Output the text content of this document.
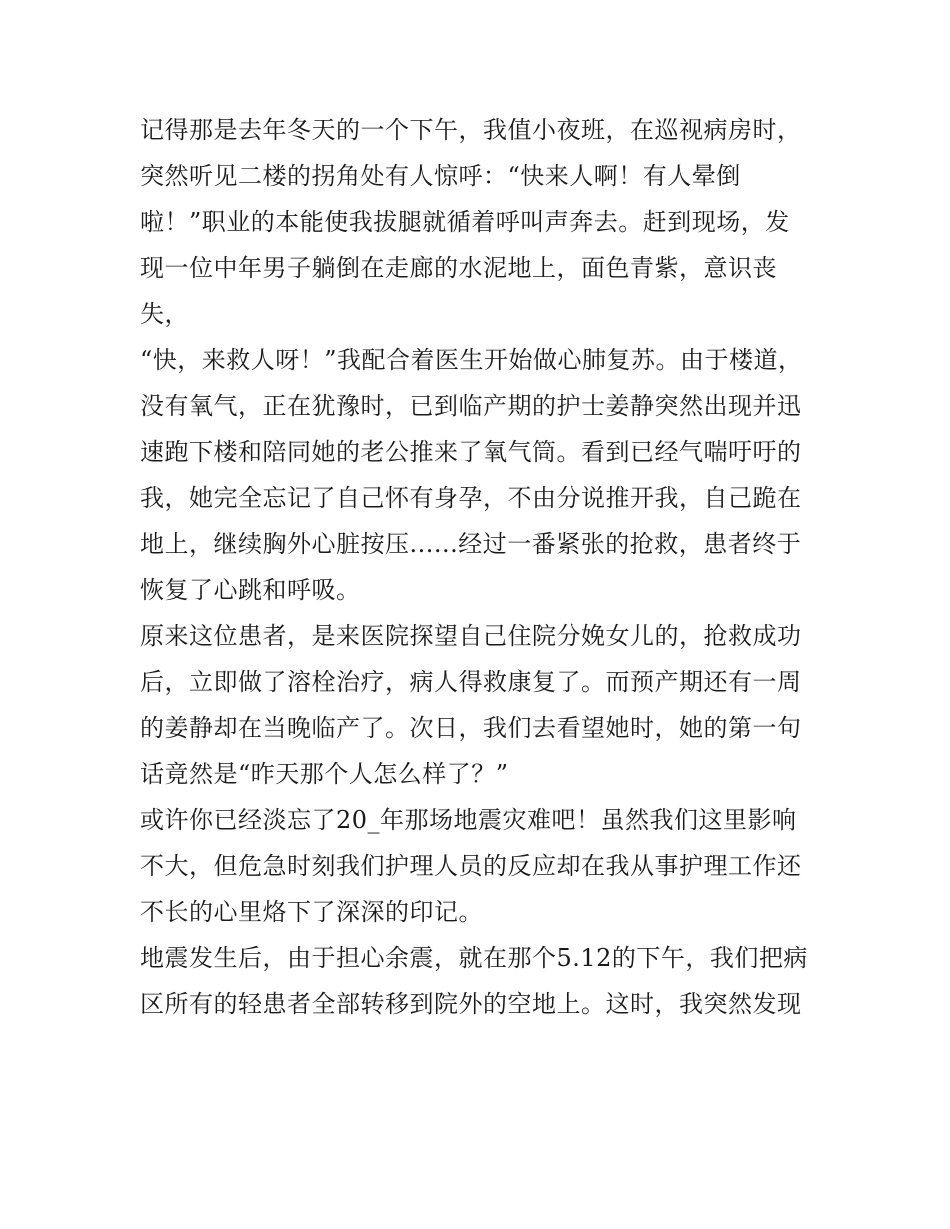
记得那是去年冬天的一个下午，我值小夜班，在巡视病房时，
突然听见二楼的拐角处有人惊呼：“快来人啊！有人晕倒
啦！”职业的本能使我拔腿就循着呼叫声奔去。赶到现场，发
现一位中年男子躺倒在走廊的水泥地上，面色青紫，意识丧
失，
“快，来救人呀！”我配合着医生开始做心肺复苏。由于楼道，
没有氧气，正在犹豫时，已到临产期的护士姜静突然出现并迅
速跑下楼和陪同她的老公推来了氧气筒。看到已经气喘吁吁的
我，她完全忘记了自己怀有身孕，不由分说推开我，自己跪在
地上，继续胸外心脏按压......经过一番紧张的抢救，患者终于
恢复了心跳和呼吸。
原来这位患者，是来医院探望自己住院分娩女儿的，抢救成功
后，立即做了溶栓治疗，病人得救康复了。而预产期还有一周
的姜静却在当晚临产了。次日，我们去看望她时，她的第一句
话竟然是“昨天那个人怎么样了？”
或许你已经淡忘了20_年那场地震灾难吧！虽然我们这里影响
不大，但危急时刻我们护理人员的反应却在我从事护理工作还
不长的心里烙下了深深的印记。
地震发生后，由于担心余震，就在那个5.12的下午，我们把病
区所有的轻患者全部转移到院外的空地上。这时，我突然发现
